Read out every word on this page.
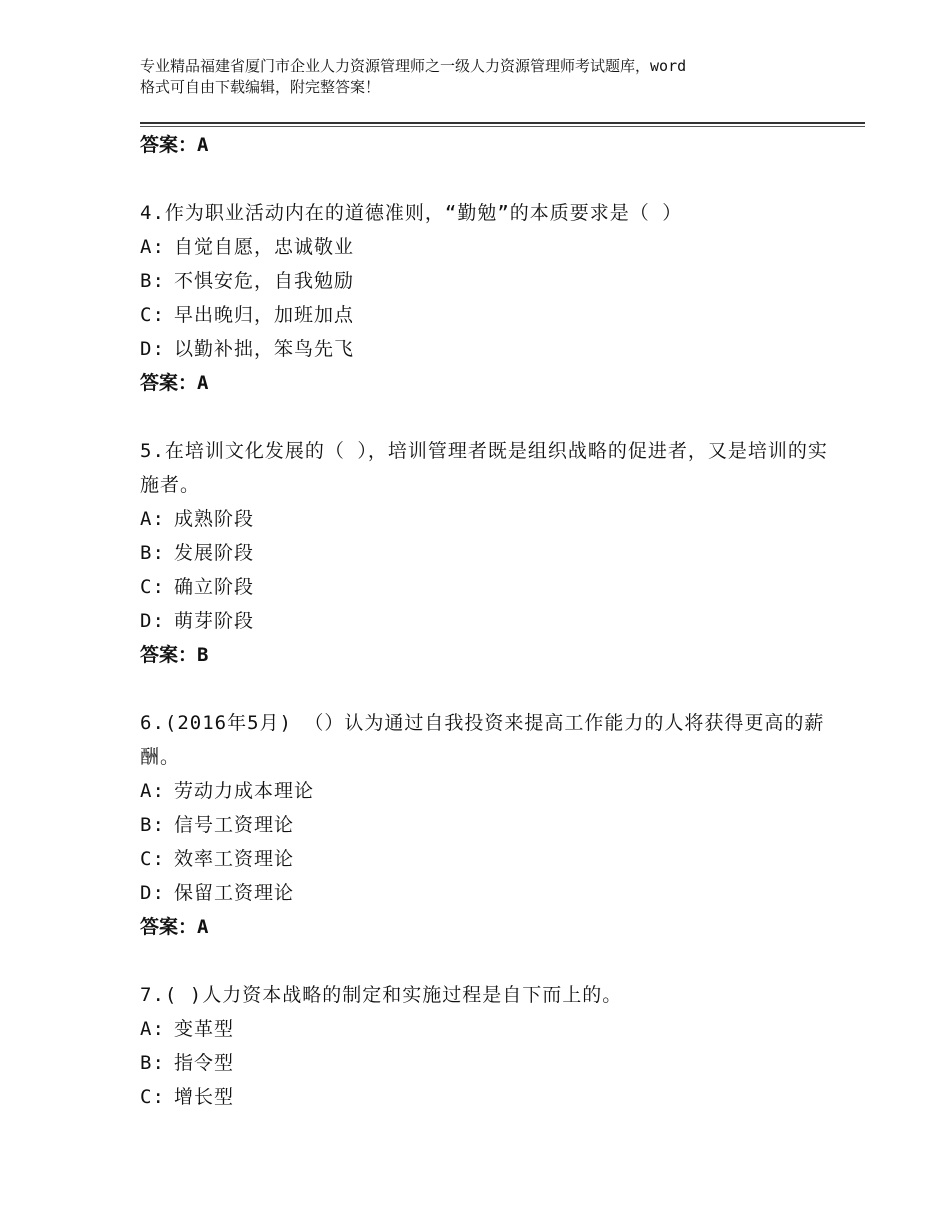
专业精品福建省厦门市企业人力资源管理师之一级人力资源管理师考试题库，word
格式可自由下载编辑，附完整答案！
答案：A
4.作为职业活动内在的道德准则，“勤勉”的本质要求是（ ）
A: 自觉自愿，忠诚敬业
B: 不惧安危，自我勉励
C: 早出晚归，加班加点
D: 以勤补拙，笨鸟先飞
答案：A
5.在培训文化发展的（ ），培训管理者既是组织战略的促进者，又是培训的实施者。
A: 成熟阶段
B: 发展阶段
C: 确立阶段
D: 萌芽阶段
答案：B
6.(2016年5月) （）认为通过自我投资来提高工作能力的人将获得更高的薪酬。
A: 劳动力成本理论
B: 信号工资理论
C: 效率工资理论
D: 保留工资理论
答案：A
7.( )人力资本战略的制定和实施过程是自下而上的。
A: 变革型
B: 指令型
C: 增长型
